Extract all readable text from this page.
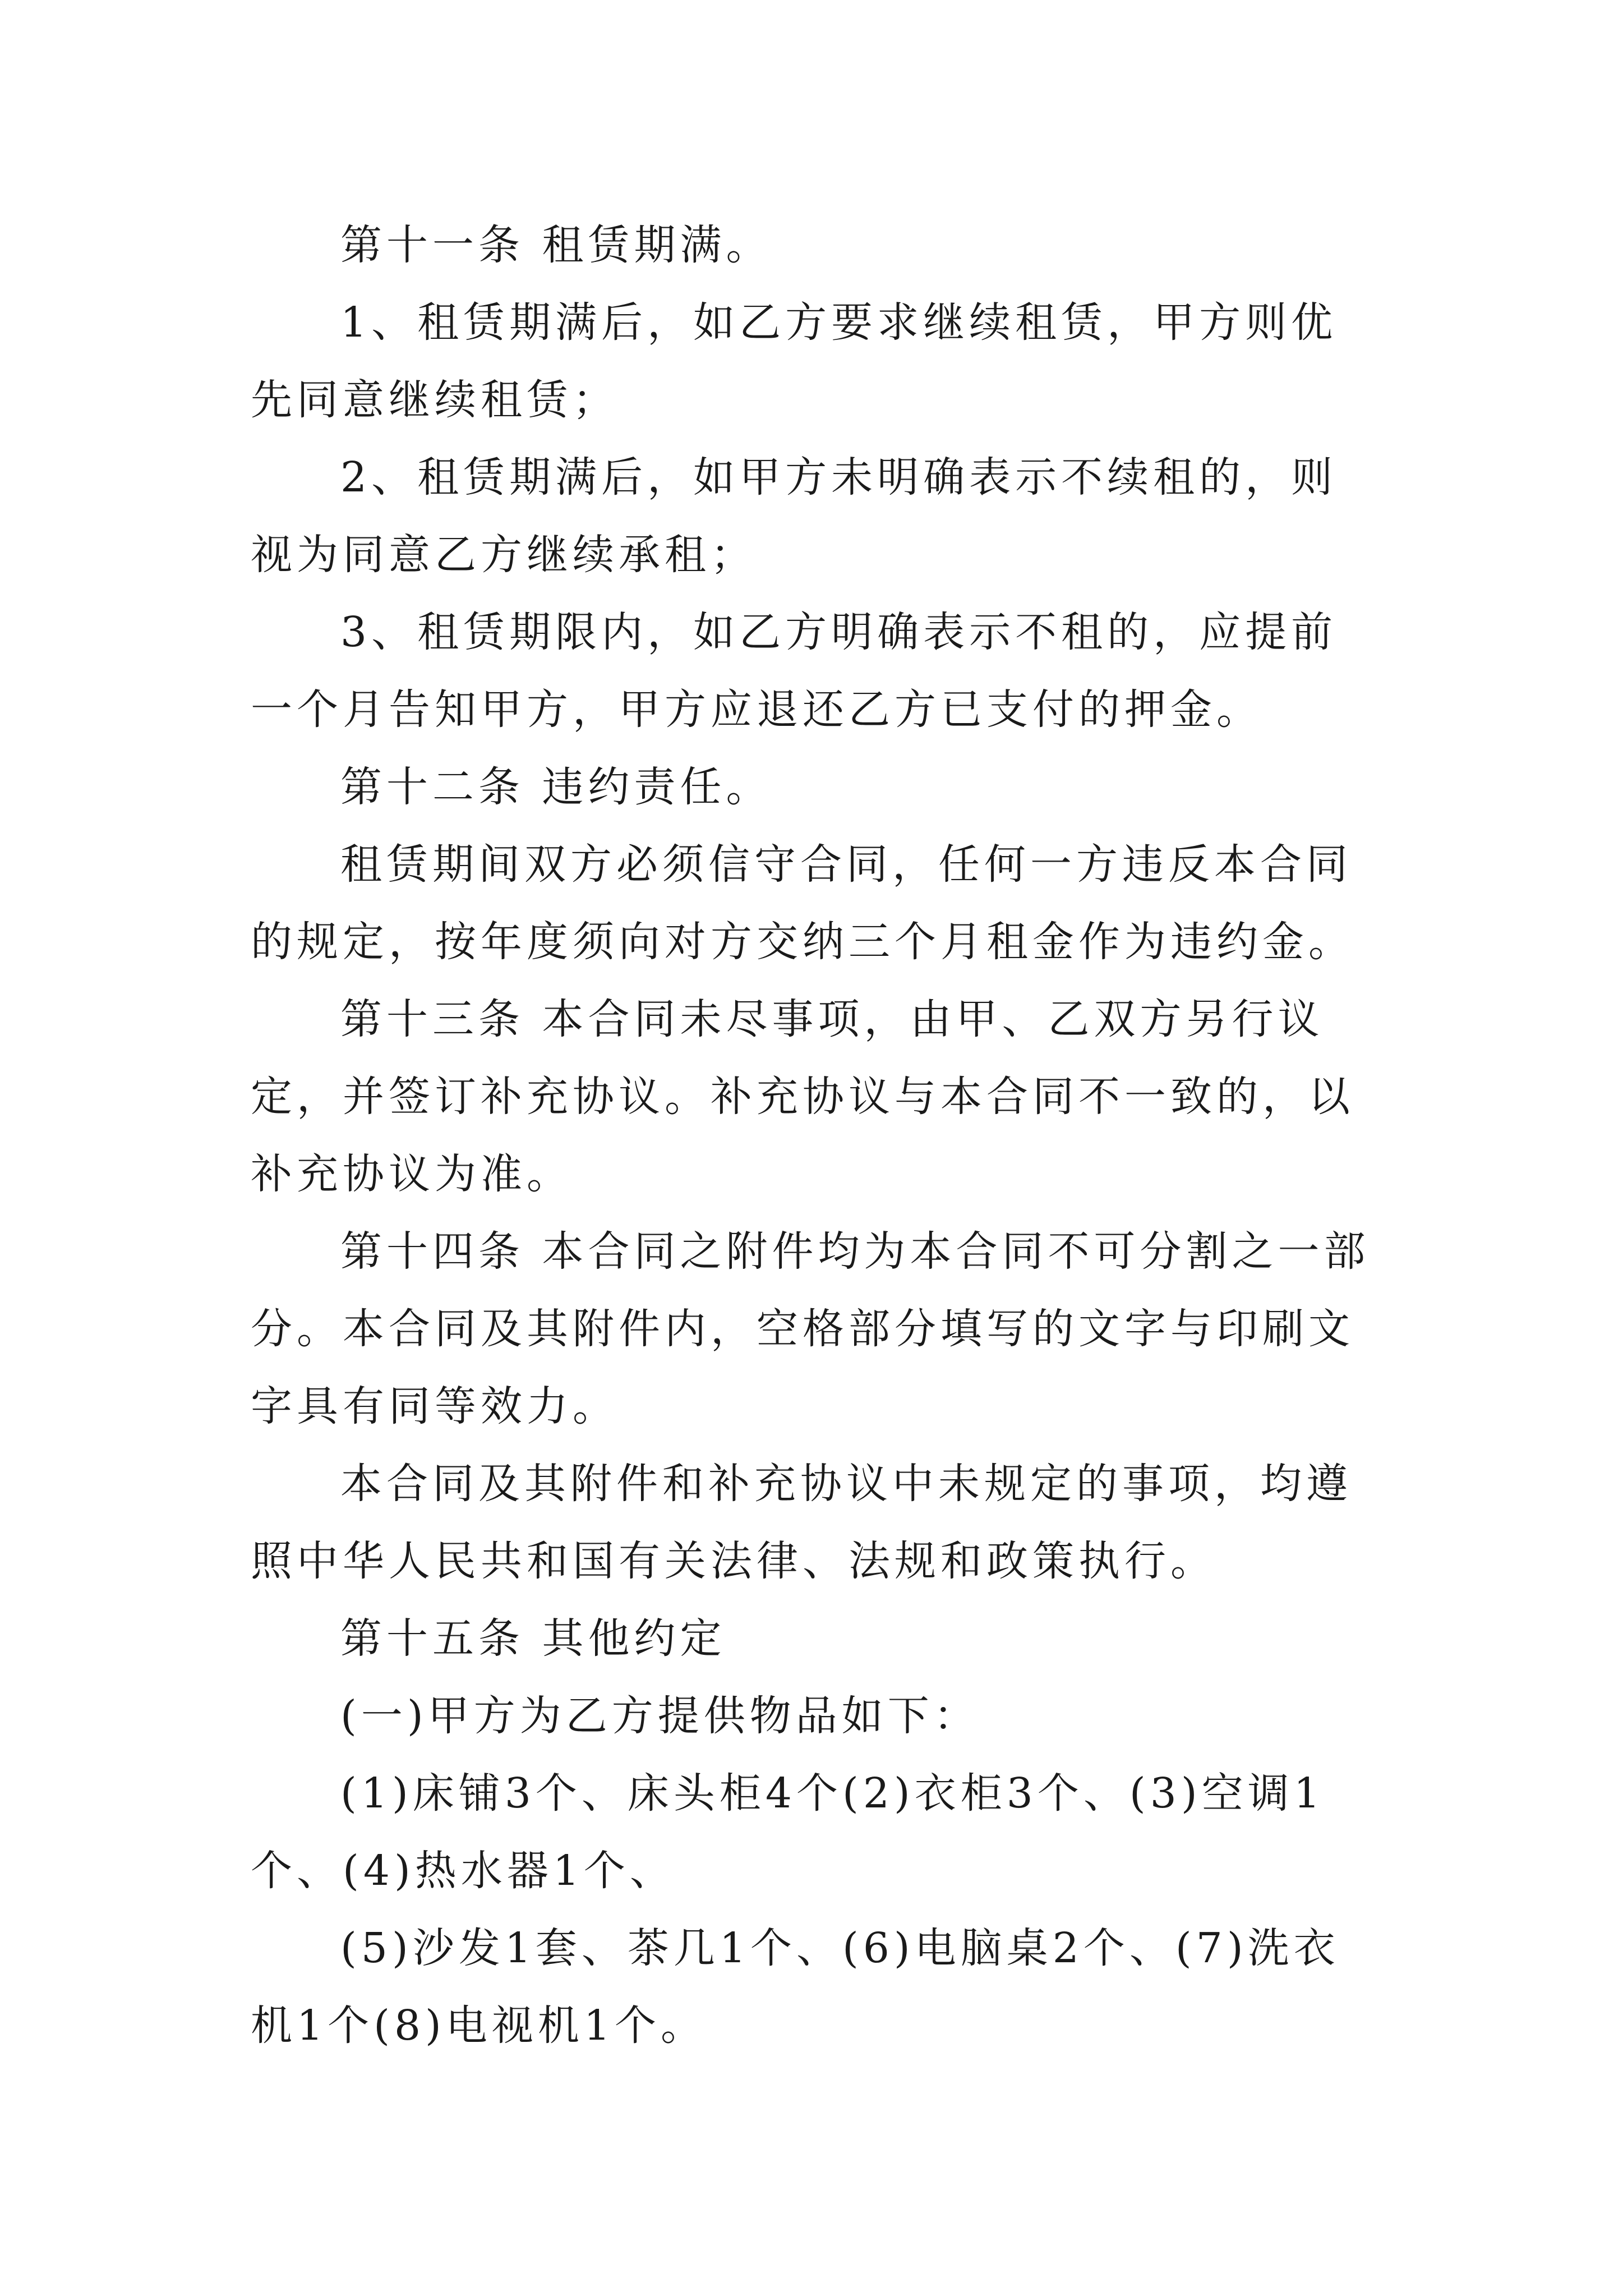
第十一条 租赁期满。

1、租赁期满后，如乙方要求继续租赁，甲方则优先同意继续租赁；

2、租赁期满后，如甲方未明确表示不续租的，则视为同意乙方继续承租；

3、租赁期限内，如乙方明确表示不租的，应提前一个月告知甲方，甲方应退还乙方已支付的押金。

第十二条 违约责任。

租赁期间双方必须信守合同，任何一方违反本合同的规定，按年度须向对方交纳三个月租金作为违约金。

第十三条 本合同未尽事项，由甲、乙双方另行议定，并签订补充协议。补充协议与本合同不一致的，以补充协议为准。

第十四条 本合同之附件均为本合同不可分割之一部分。本合同及其附件内，空格部分填写的文字与印刷文字具有同等效力。

本合同及其附件和补充协议中未规定的事项，均遵照中华人民共和国有关法律、法规和政策执行。

第十五条 其他约定

(一)甲方为乙方提供物品如下：

(1)床铺3个、床头柜4个(2)衣柜3个、(3)空调1个、(4)热水器1个、

(5)沙发1套、茶几1个、(6)电脑桌2个、(7)洗衣机1个(8)电视机1个。
